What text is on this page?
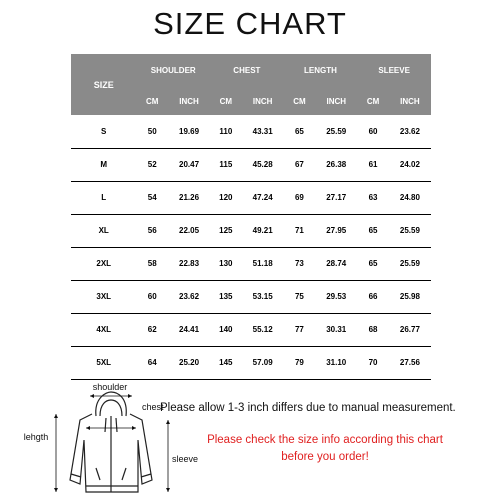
SIZE CHART
SIZE	SHOULDER		CHEST		LENGTH		SLEEVE	
	CM	INCH	CM	INCH	CM	INCH	CM	INCH
S	50	19.69	110	43.31	65	25.59	60	23.62
M	52	20.47	115	45.28	67	26.38	61	24.02
L	54	21.26	120	47.24	69	27.17	63	24.80
XL	56	22.05	125	49.21	71	27.95	65	25.59
2XL	58	22.83	130	51.18	73	28.74	65	25.59
3XL	60	23.62	135	53.15	75	29.53	66	25.98
4XL	62	24.41	140	55.12	77	30.31	68	26.77
5XL	64	25.20	145	57.09	79	31.10	70	27.56
shoulder
chest
lehgth
sleeve
Please allow 1-3 inch differs due to manual measurement.
Please check the size info according this chart
before you order!
